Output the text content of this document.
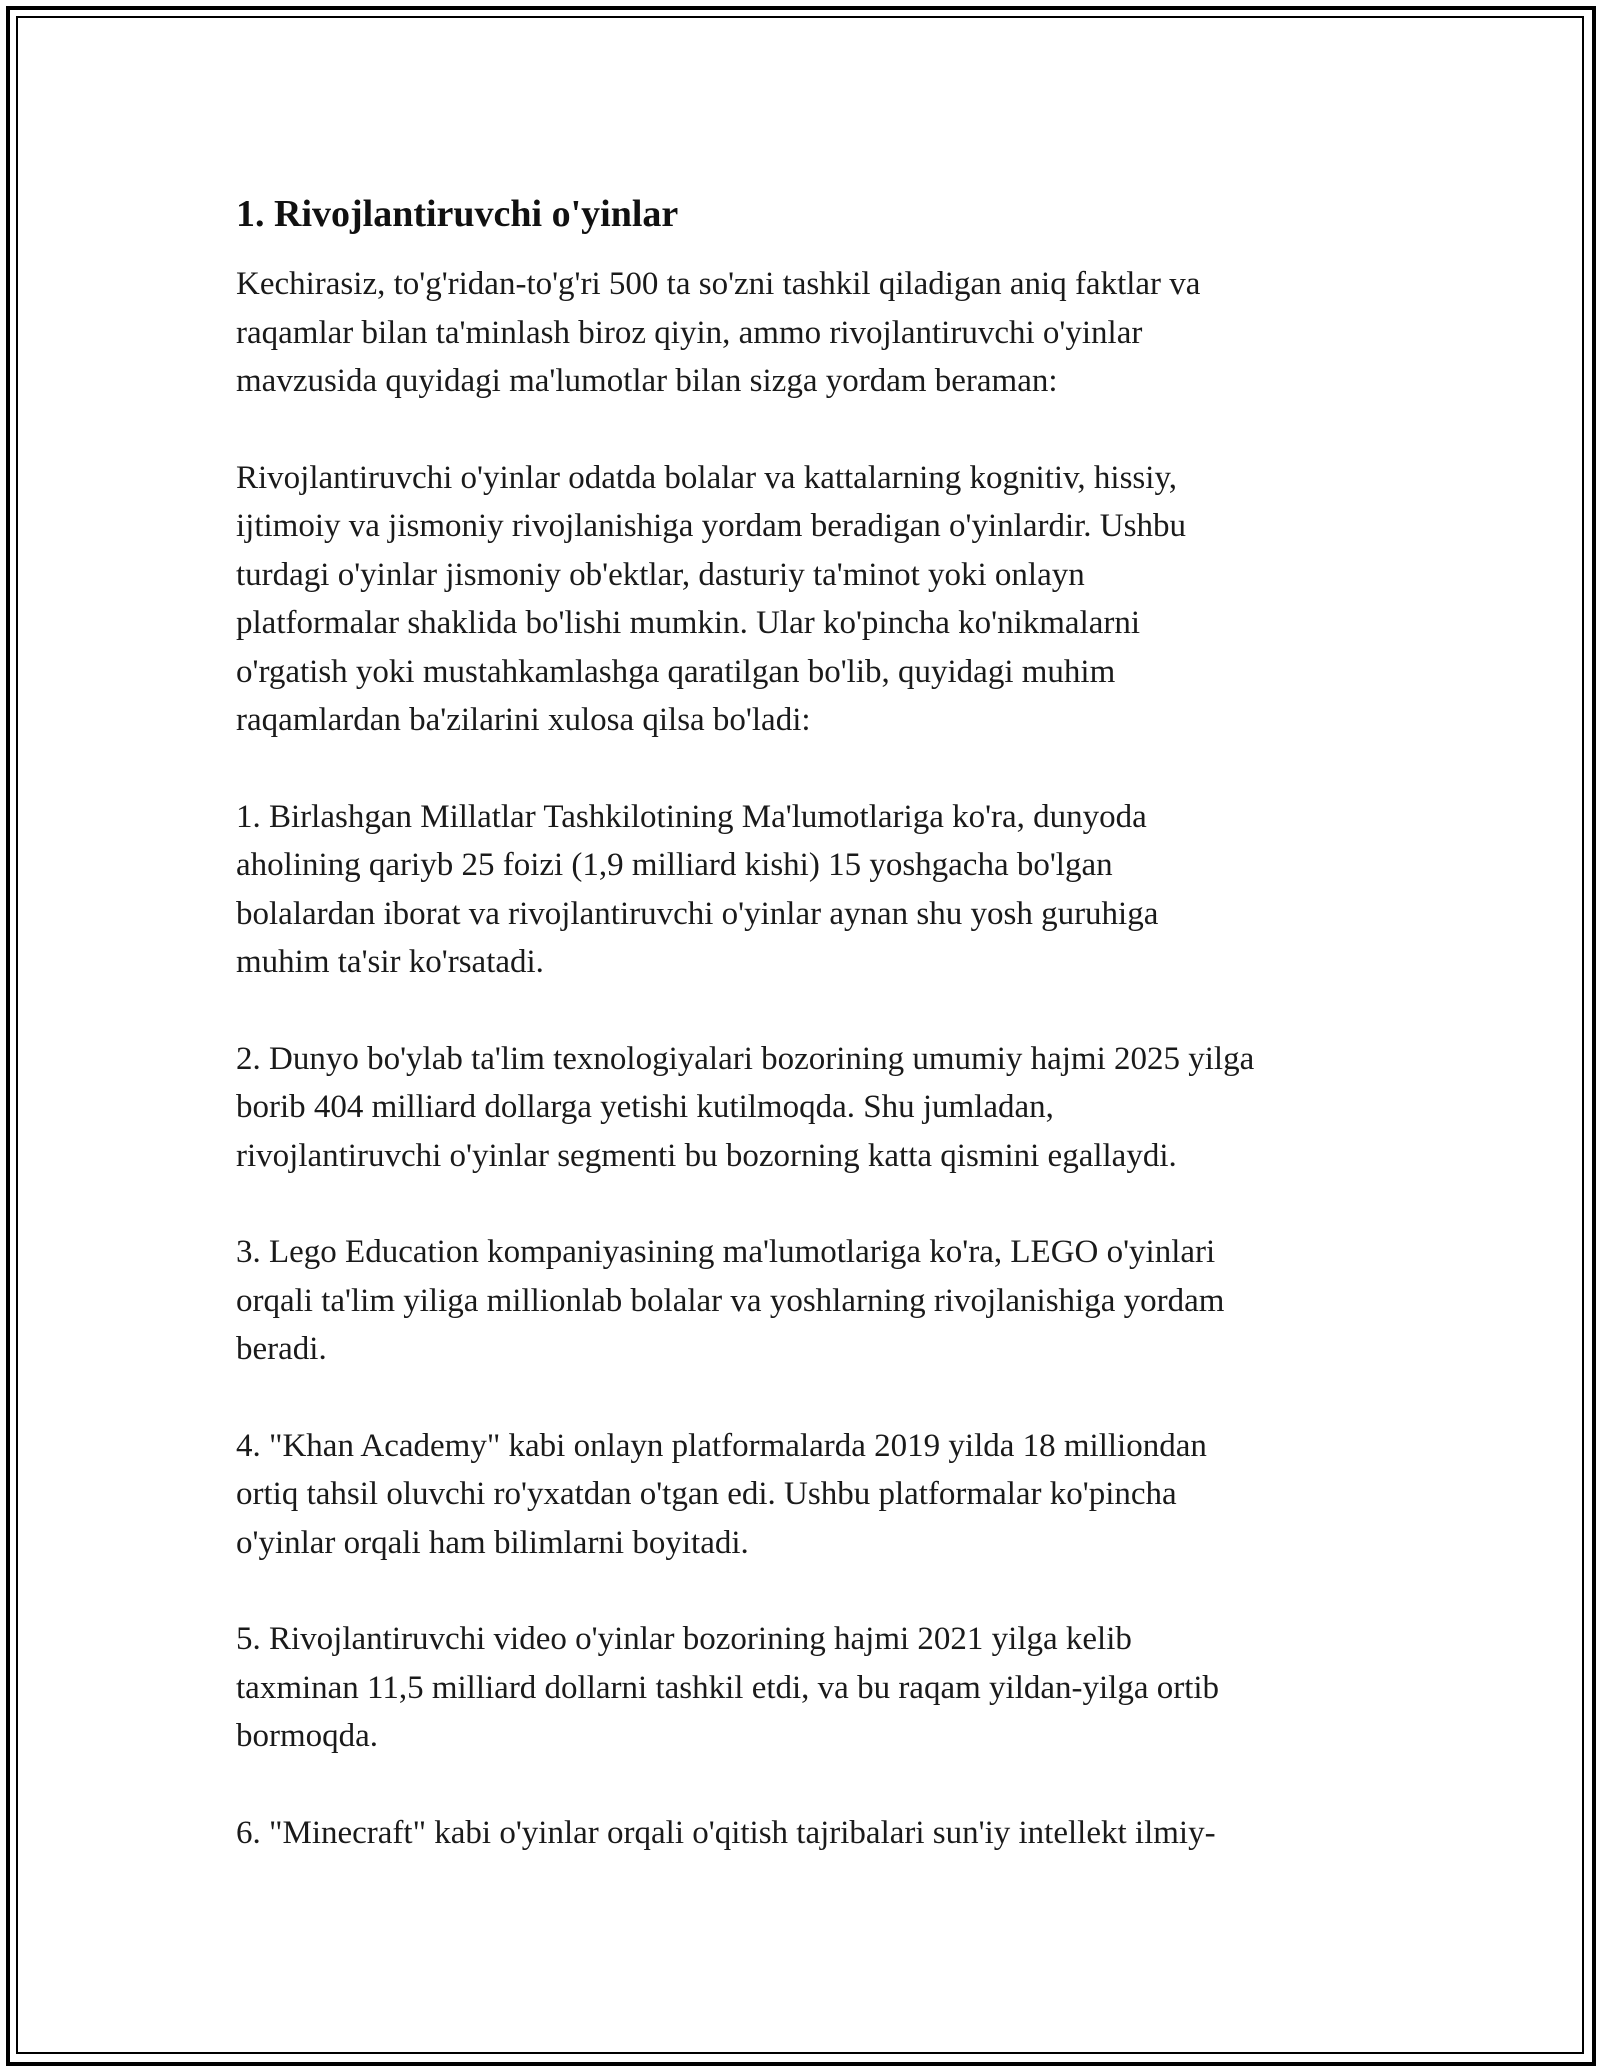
1. Rivojlantiruvchi o'yinlar

Kechirasiz, to'g'ridan-to'g'ri 500 ta so'zni tashkil qiladigan aniq faktlar va
raqamlar bilan ta'minlash biroz qiyin, ammo rivojlantiruvchi o'yinlar
mavzusida quyidagi ma'lumotlar bilan sizga yordam beraman:

Rivojlantiruvchi o'yinlar odatda bolalar va kattalarning kognitiv, hissiy,
ijtimoiy va jismoniy rivojlanishiga yordam beradigan o'yinlardir. Ushbu
turdagi o'yinlar jismoniy ob'ektlar, dasturiy ta'minot yoki onlayn
platformalar shaklida bo'lishi mumkin. Ular ko'pincha ko'nikmalarni
o'rgatish yoki mustahkamlashga qaratilgan bo'lib, quyidagi muhim
raqamlardan ba'zilarini xulosa qilsa bo'ladi:

1. Birlashgan Millatlar Tashkilotining Ma'lumotlariga ko'ra, dunyoda
aholining qariyb 25 foizi (1,9 milliard kishi) 15 yoshgacha bo'lgan
bolalardan iborat va rivojlantiruvchi o'yinlar aynan shu yosh guruhiga
muhim ta'sir ko'rsatadi.

2. Dunyo bo'ylab ta'lim texnologiyalari bozorining umumiy hajmi 2025 yilga
borib 404 milliard dollarga yetishi kutilmoqda. Shu jumladan,
rivojlantiruvchi o'yinlar segmenti bu bozorning katta qismini egallaydi.

3. Lego Education kompaniyasining ma'lumotlariga ko'ra, LEGO o'yinlari
orqali ta'lim yiliga millionlab bolalar va yoshlarning rivojlanishiga yordam
beradi.

4. "Khan Academy" kabi onlayn platformalarda 2019 yilda 18 milliondan
ortiq tahsil oluvchi ro'yxatdan o'tgan edi. Ushbu platformalar ko'pincha
o'yinlar orqali ham bilimlarni boyitadi.

5. Rivojlantiruvchi video o'yinlar bozorining hajmi 2021 yilga kelib
taxminan 11,5 milliard dollarni tashkil etdi, va bu raqam yildan-yilga ortib
bormoqda.

6. "Minecraft" kabi o'yinlar orqali o'qitish tajribalari sun'iy intellekt ilmiy-
